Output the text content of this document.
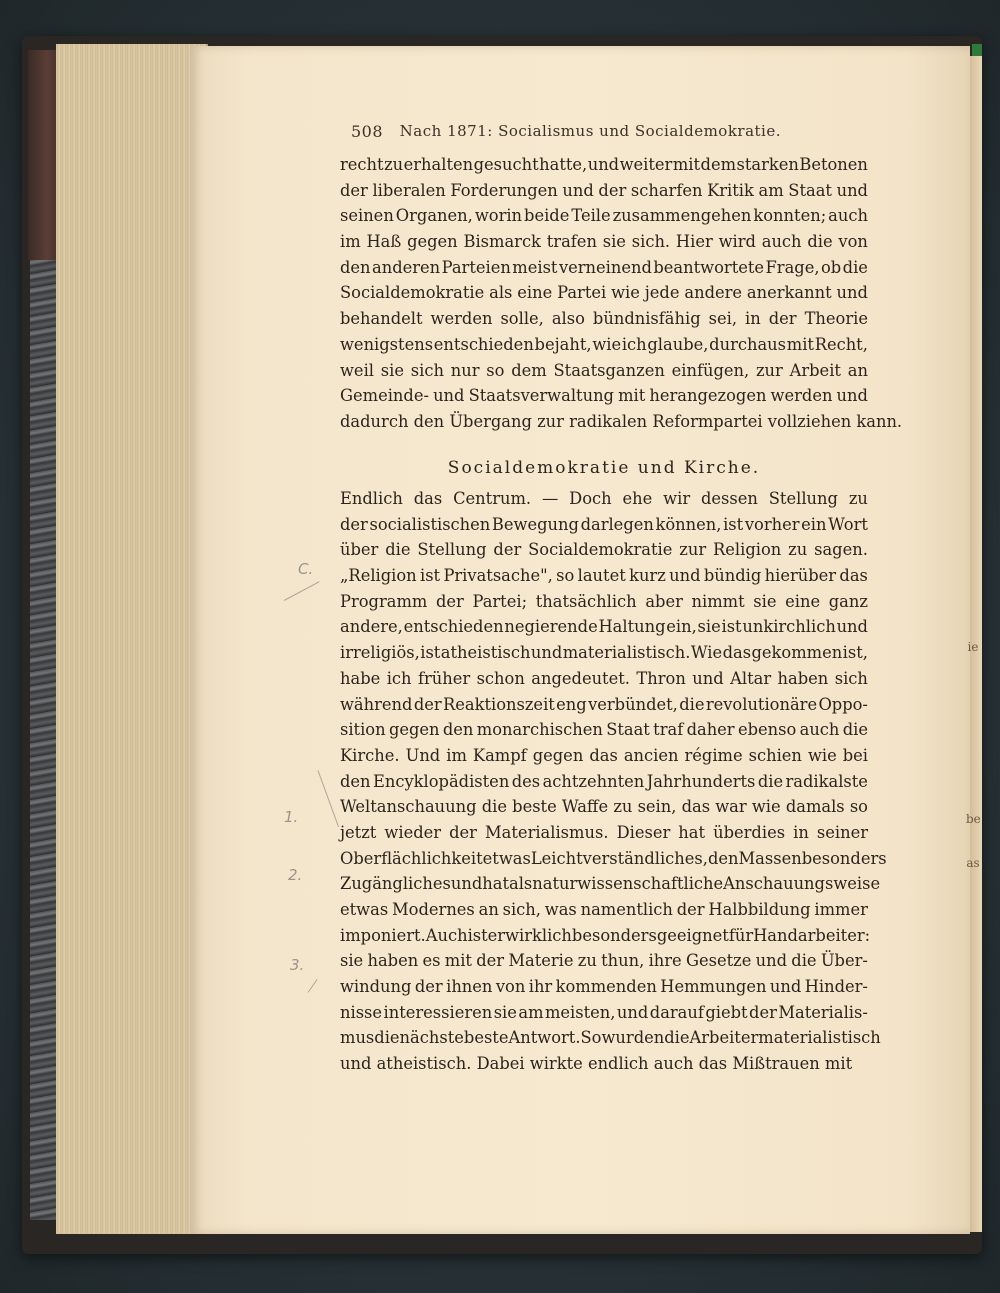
508 Nach 1871: Socialismus und Socialdemokratie.
recht zu erhalten gesucht hatte, und weiter mit dem starken Betonen
der liberalen Forderungen und der scharfen Kritik am Staat und
seinen Organen, worin beide Teile zusammengehen konnten; auch
im Haß gegen Bismarck trafen sie sich. Hier wird auch die von
den anderen Parteien meist verneinend beantwortete Frage, ob die
Socialdemokratie als eine Partei wie jede andere anerkannt und
behandelt werden solle, also bündnisfähig sei, in der Theorie
wenigstens entschieden bejaht, wie ich glaube, durchaus mit Recht,
weil sie sich nur so dem Staatsganzen einfügen, zur Arbeit an
Gemeinde- und Staatsverwaltung mit herangezogen werden und
dadurch den Übergang zur radikalen Reformpartei vollziehen kann.
Socialdemokratie und Kirche.
Endlich das Centrum. — Doch ehe wir dessen Stellung zu
der socialistischen Bewegung darlegen können, ist vorher ein Wort
über die Stellung der Socialdemokratie zur Religion zu sagen.
„Religion ist Privatsache", so lautet kurz und bündig hierüber das
Programm der Partei; thatsächlich aber nimmt sie eine ganz
andere, entschieden negierende Haltung ein, sie ist unkirchlich und
irreligiös, ist atheistisch und materialistisch. Wie das gekommen ist,
habe ich früher schon angedeutet. Thron und Altar haben sich
während der Reaktionszeit eng verbündet, die revolutionäre Oppo-
sition gegen den monarchischen Staat traf daher ebenso auch die
Kirche. Und im Kampf gegen das ancien régime schien wie bei
den Encyklopädisten des achtzehnten Jahrhunderts die radikalste
Weltanschauung die beste Waffe zu sein, das war wie damals so
jetzt wieder der Materialismus. Dieser hat überdies in seiner
Oberflächlichkeit etwas Leichtverständliches, den Massen besonders
Zugängliches und hat als naturwissenschaftliche Anschauungsweise
etwas Modernes an sich, was namentlich der Halbbildung immer
imponiert. Auch ist er wirklich besonders geeignet für Handarbeiter:
sie haben es mit der Materie zu thun, ihre Gesetze und die Über-
windung der ihnen von ihr kommenden Hemmungen und Hinder-
nisse interessieren sie am meisten, und darauf giebt der Materialis-
mus die nächste beste Antwort. So wurden die Arbeiter materialistisch
und atheistisch. Dabei wirkte endlich auch das Mißtrauen mit
C.
1.
2.
3.
ie
be
as
